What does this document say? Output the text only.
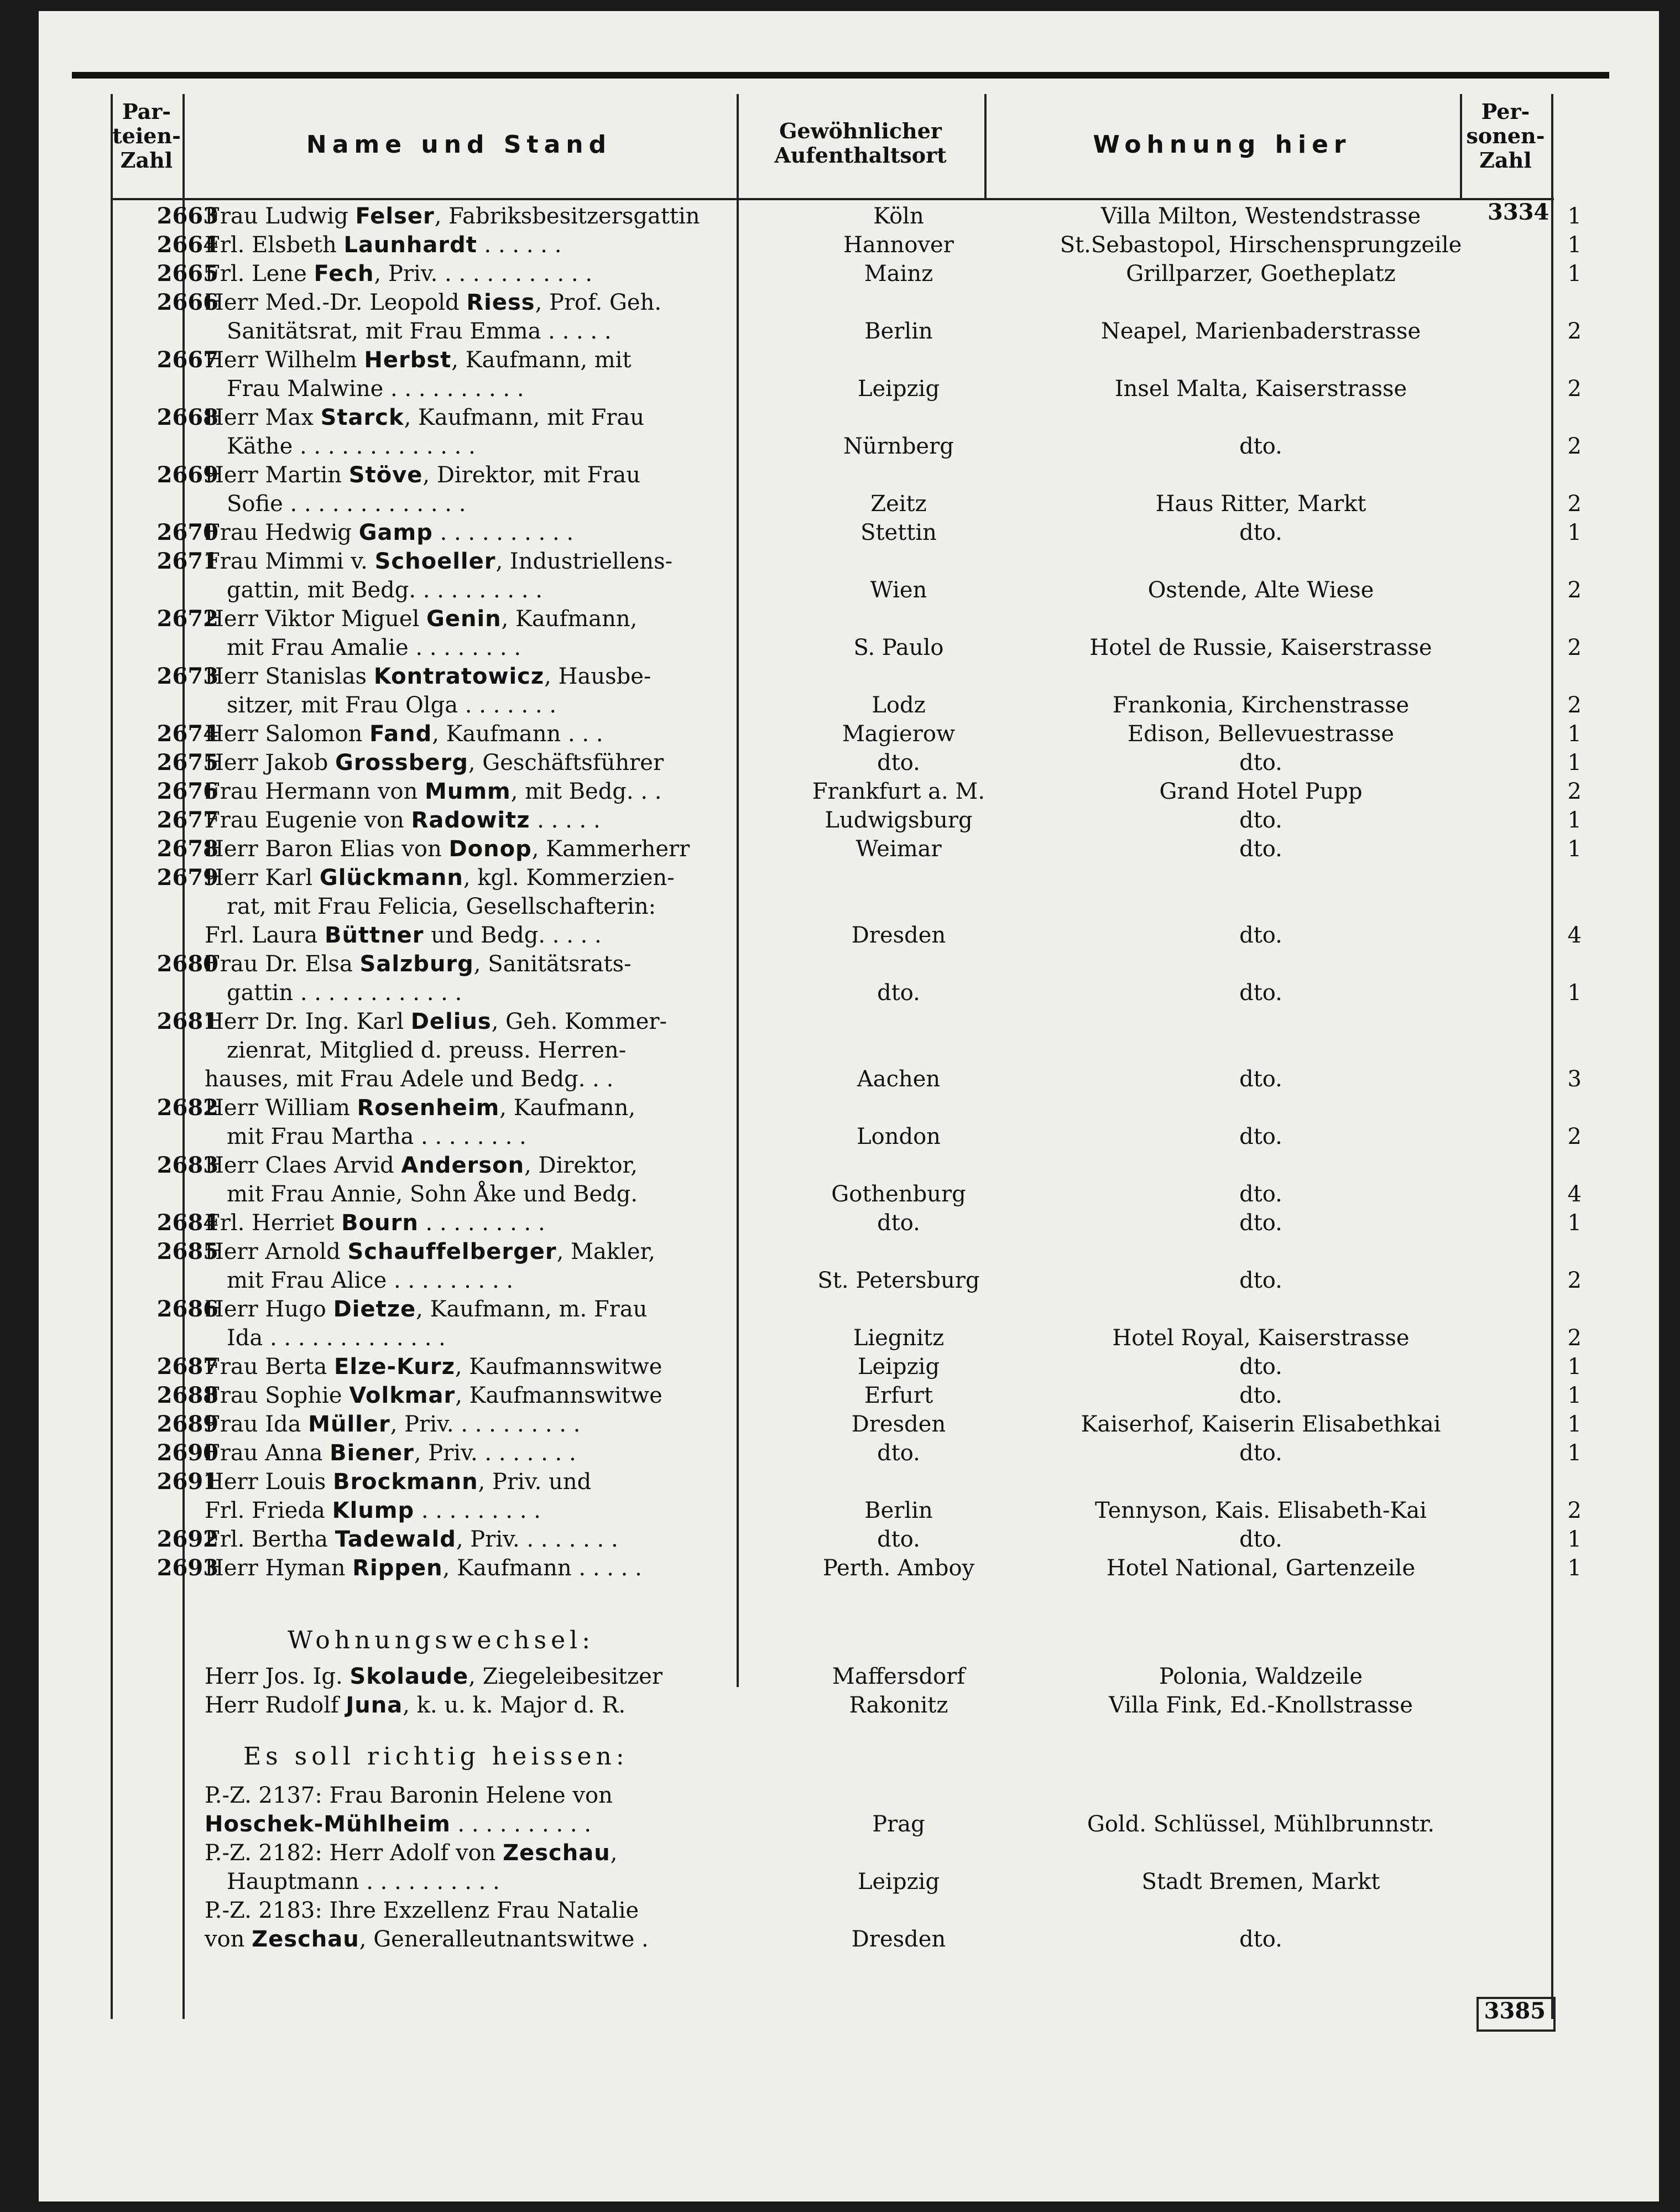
Par-
teien-
Zahl
Name und Stand	Gewöhnlicher
Aufenthaltsort	Wohnung hier
Per-
sonen-
Zahl
3334
2663
Frau Ludwig Felser, Fabriksbesitzersgattin	Köln	Villa Milton, Westendstrasse	1
2664
Frl. Elsbeth Launhardt . . . . . .	Hannover	St.Sebastopol, Hirschensprungzeile	1
2665
Frl. Lene Fech, Priv. . . . . . . . . . . .	Mainz	Grillparzer, Goetheplatz	1
2666
Herr Med.-Dr. Leopold Riess, Prof. Geh.
Sanitätsrat, mit Frau Emma . . . . .	Berlin	Neapel, Marienbaderstrasse	2
2667
Herr Wilhelm Herbst, Kaufmann, mit
Frau Malwine . . . . . . . . . .	Leipzig	Insel Malta, Kaiserstrasse	2
2668
Herr Max Starck, Kaufmann, mit Frau
Käthe . . . . . . . . . . . . .	Nürnberg	dto.	2
2669
Herr Martin Stöve, Direktor, mit Frau
Sofie . . . . . . . . . . . . .	Zeitz	Haus Ritter, Markt	2
2670
Frau Hedwig Gamp . . . . . . . . . .	Stettin	dto.	1
2671
Frau Mimmi v. Schoeller, Industriellens-
gattin, mit Bedg. . . . . . . . . .	Wien	Ostende, Alte Wiese	2
2672
Herr Viktor Miguel Genin, Kaufmann,
mit Frau Amalie . . . . . . . .	S. Paulo	Hotel de Russie, Kaiserstrasse	2
2673
Herr Stanislas Kontratowicz, Hausbe-
sitzer, mit Frau Olga . . . . . . .	Lodz	Frankonia, Kirchenstrasse	2
2674
Herr Salomon Fand, Kaufmann . . .	Magierow	Edison, Bellevuestrasse	1
2675
Herr Jakob Grossberg, Geschäftsführer	dto.	dto.	1
2676
Frau Hermann von Mumm, mit Bedg. . .	Frankfurt a. M.	Grand Hotel Pupp	2
2677
Frau Eugenie von Radowitz . . . . .	Ludwigsburg	dto.	1
2678
Herr Baron Elias von Donop, Kammerherr	Weimar	dto.	1
2679
Herr Karl Glückmann, kgl. Kommerzien-
rat, mit Frau Felicia, Gesellschafterin:
Frl. Laura Büttner und Bedg. . . . .	Dresden	dto.	4
2680
Frau Dr. Elsa Salzburg, Sanitätsrats-
gattin . . . . . . . . . . . .	dto.	dto.	1
2681
Herr Dr. Ing. Karl Delius, Geh. Kommer-
zienrat, Mitglied d. preuss. Herren-
hauses, mit Frau Adele und Bedg. . .	Aachen	dto.	3
2682
Herr William Rosenheim, Kaufmann,
mit Frau Martha . . . . . . . .	London	dto.	2
2683
Herr Claes Arvid Anderson, Direktor,
mit Frau Annie, Sohn Åke und Bedg.	Gothenburg	dto.	4
2684
Frl. Herriet Bourn . . . . . . . . .	dto.	dto.	1
2685
Herr Arnold Schauffelberger, Makler,
mit Frau Alice . . . . . . . . .	St. Petersburg	dto.	2
2686
Herr Hugo Dietze, Kaufmann, m. Frau
Ida . . . . . . . . . . . . .	Liegnitz	Hotel Royal, Kaiserstrasse	2
2687
Frau Berta Elze-Kurz, Kaufmannswitwe	Leipzig	dto.	1
2688
Frau Sophie Volkmar, Kaufmannswitwe	Erfurt	dto.	1
2689
Frau Ida Müller, Priv. . . . . . . . . .	Dresden	Kaiserhof, Kaiserin Elisabethkai	1
2690
Frau Anna Biener, Priv. . . . . . . .	dto.	dto.	1
2691
Herr Louis Brockmann, Priv. und
Frl. Frieda Klump . . . . . . . . .	Berlin	Tennyson, Kais. Elisabeth-Kai	2
2692
Frl. Bertha Tadewald, Priv. . . . . . . .	dto.	dto.	1
2693
Herr Hyman Rippen, Kaufmann . . . . .	Perth. Amboy	Hotel National, Gartenzeile	1
Wohnungswechsel:
Herr Jos. Ig. Skolaude, Ziegeleibesitzer	Maffersdorf	Polonia, Waldzeile
Herr Rudolf Juna, k. u. k. Major d. R.	Rakonitz	Villa Fink, Ed.-Knollstrasse
Es soll richtig heissen:
P.-Z. 2137: Frau Baronin Helene von
Hoschek-Mühlheim . . . . . . . . . .	Prag	Gold. Schlüssel, Mühlbrunnstr.
P.-Z. 2182: Herr Adolf von Zeschau,
Hauptmann . . . . . . . . . .	Leipzig	Stadt Bremen, Markt
P.-Z. 2183: Ihre Exzellenz Frau Natalie
von Zeschau, Generalleutnantswitwe .	Dresden	dto.
3385
